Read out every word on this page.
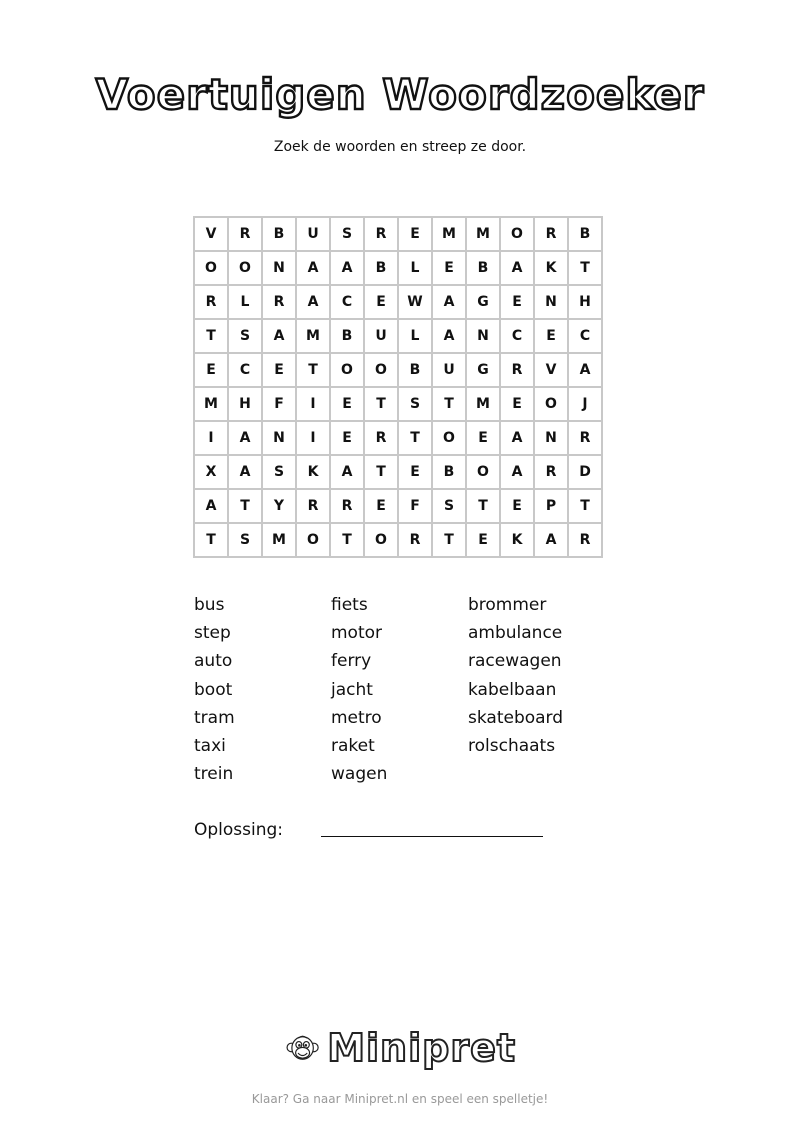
Voertuigen Woordzoeker
Zoek de woorden en streep ze door.
V	R	B	U	S	R	E	M	M	O	R	B
O	O	N	A	A	B	L	E	B	A	K	T
R	L	R	A	C	E	W	A	G	E	N	H
T	S	A	M	B	U	L	A	N	C	E	C
E	C	E	T	O	O	B	U	G	R	V	A
M	H	F	I	E	T	S	T	M	E	O	J
I	A	N	I	E	R	T	O	E	A	N	R
X	A	S	K	A	T	E	B	O	A	R	D
A	T	Y	R	R	E	F	S	T	E	P	T
T	S	M	O	T	O	R	T	E	K	A	R
bus
step
auto
boot
tram
taxi
trein
fiets
motor
ferry
jacht
metro
raket
wagen
brommer
ambulance
racewagen
kabelbaan
skateboard
rolschaats
Oplossing:
Minipret
Klaar? Ga naar Minipret.nl en speel een spelletje!
